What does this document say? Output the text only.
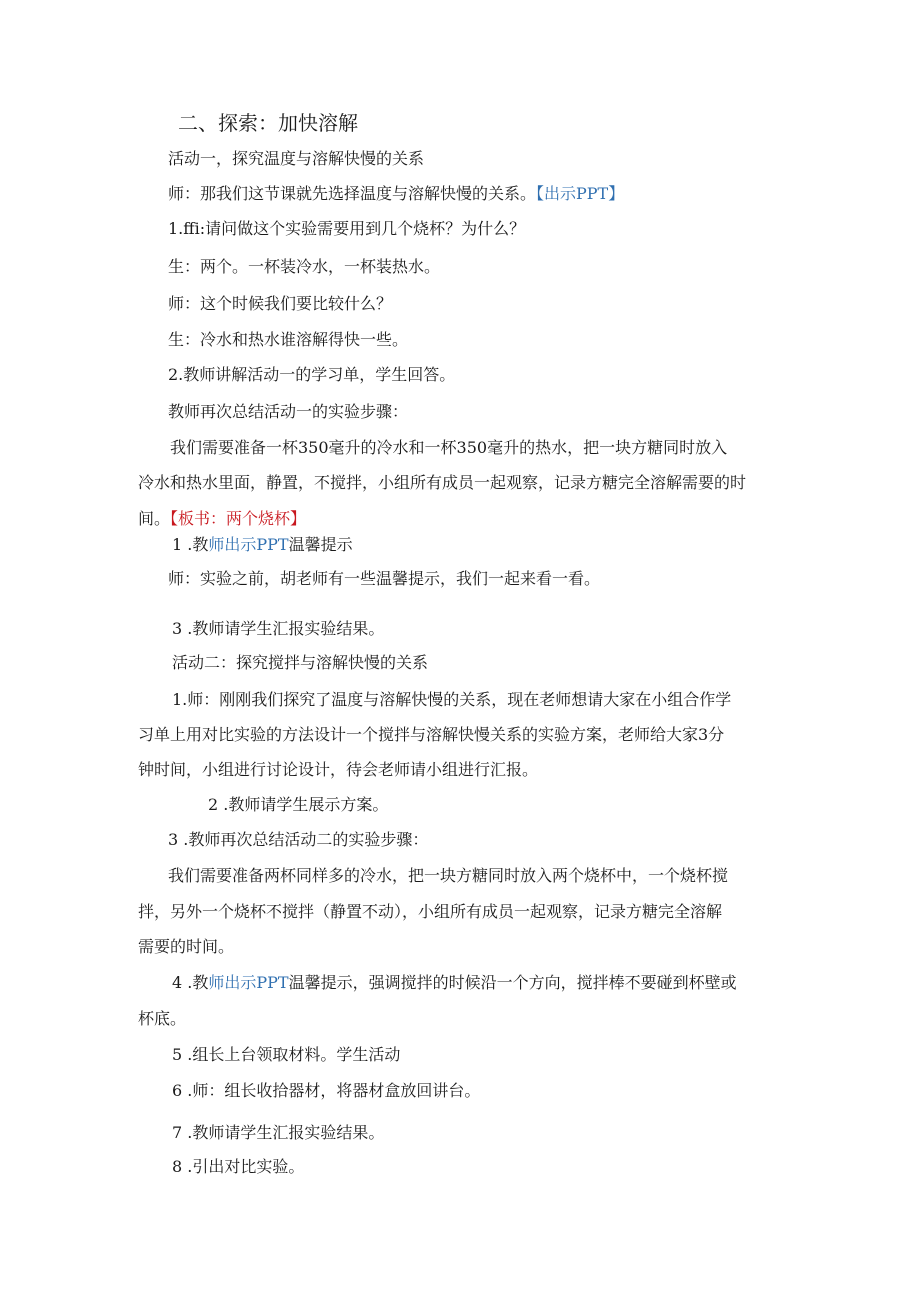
二、探索：加快溶解
活动一，探究温度与溶解快慢的关系
师：那我们这节课就先选择温度与溶解快慢的关系。【出示PPT】
1.ffi:请问做这个实验需要用到几个烧杯？为什么？
生：两个。一杯装冷水，一杯装热水。
师：这个时候我们要比较什么？
生：冷水和热水谁溶解得快一些。
2.教师讲解活动一的学习单，学生回答。
教师再次总结活动一的实验步骤：
我们需要准备一杯350毫升的冷水和一杯350毫升的热水，把一块方糖同时放入
冷水和热水里面，静置，不搅拌，小组所有成员一起观察，记录方糖完全溶解需要的时
间。【板书：两个烧杯】
1 .教师出示PPT温馨提示
师：实验之前，胡老师有一些温馨提示，我们一起来看一看。
3 .教师请学生汇报实验结果。
活动二：探究搅拌与溶解快慢的关系
1.师：刚刚我们探究了温度与溶解快慢的关系，现在老师想请大家在小组合作学
习单上用对比实验的方法设计一个搅拌与溶解快慢关系的实验方案，老师给大家3分
钟时间，小组进行讨论设计，待会老师请小组进行汇报。
2 .教师请学生展示方案。
3 .教师再次总结活动二的实验步骤：
我们需要准备两杯同样多的冷水，把一块方糖同时放入两个烧杯中，一个烧杯搅
拌，另外一个烧杯不搅拌（静置不动），小组所有成员一起观察，记录方糖完全溶解
需要的时间。
4 .教师出示PPT温馨提示，强调搅拌的时候沿一个方向，搅拌棒不要碰到杯壁或
杯底。
5 .组长上台领取材料。学生活动
6 .师：组长收拾器材，将器材盒放回讲台。
7 .教师请学生汇报实验结果。
8 .引出对比实验。
